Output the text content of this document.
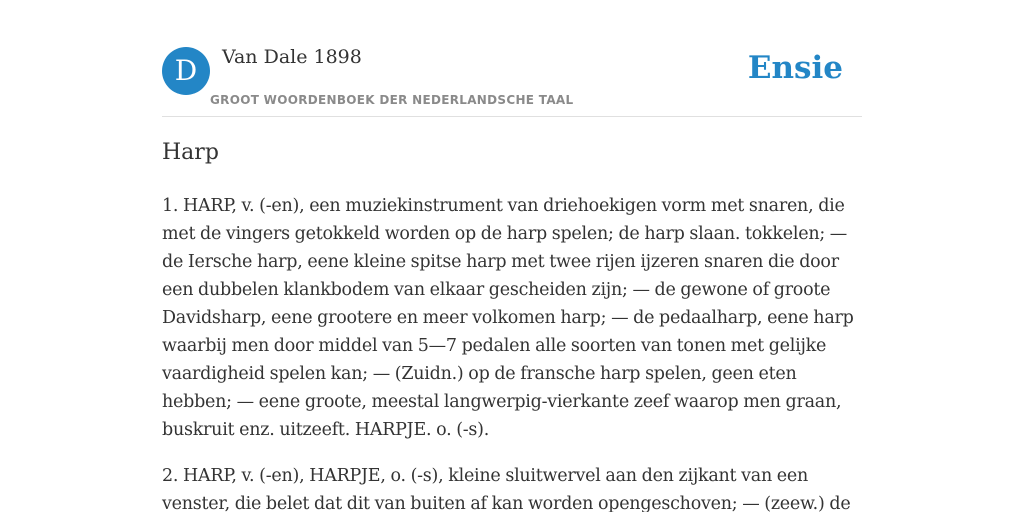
D	Van Dale 1898
GROOT WOORDENBOEK DER NEDERLANDSCHE TAAL
Ensie
Harp

1. HARP, v. (-en), een muziekinstrument van driehoekigen vorm met snaren, die met de vingers getokkeld worden op de harp spelen; de harp slaan. tokkelen; — de Iersche harp, eene kleine spitse harp met twee rijen ijzeren snaren die door een dubbelen klankbodem van elkaar gescheiden zijn; — de gewone of groote Davidsharp, eene grootere en meer volkomen harp; — de pedaalharp, eene harp waarbij men door middel van 5—7 pedalen alle soorten van tonen met gelijke vaardigheid spelen kan; — (Zuidn.) op de fransche harp spelen, geen eten hebben; — eene groote, meestal langwerpig-vierkante zeef waarop men graan, buskruit enz. uitzeeft. HARPJE. o. (-s).

2. HARP, v. (-en), HARPJE, o. (-s), kleine sluitwervel aan den zijkant van een venster, die belet dat dit van buiten af kan worden opengeschoven; — (zeew.) de
